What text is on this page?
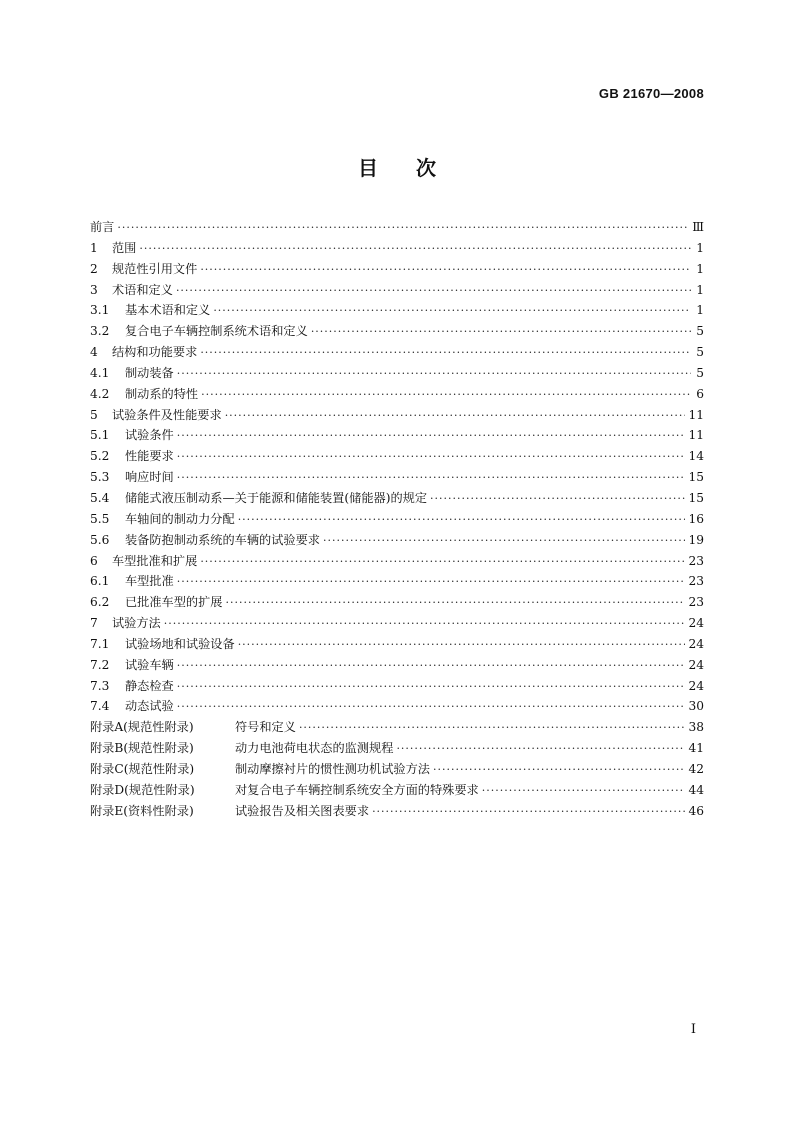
GB 21670—2008
目次
前言 ·····	Ⅲ
1	范围 ·····	1
2	规范性引用文件 ·····	1
3	术语和定义 ·····	1
3.1	基本术语和定义 ·····	1
3.2	复合电子车辆控制系统术语和定义 ·····	5
4	结构和功能要求 ·····	5
4.1	制动装备 ·····	5
4.2	制动系的特性 ·····	6
5	试验条件及性能要求 ·····	11
5.1	试验条件 ·····	11
5.2	性能要求 ·····	14
5.3	响应时间 ·····	15
5.4	储能式液压制动系—关于能源和储能装置(储能器)的规定 ·····	15
5.5	车轴间的制动力分配 ·····	16
5.6	装备防抱制动系统的车辆的试验要求 ·····	19
6	车型批准和扩展 ·····	23
6.1	车型批准 ·····	23
6.2	已批准车型的扩展 ·····	23
7	试验方法 ·····	24
7.1	试验场地和试验设备 ·····	24
7.2	试验车辆 ·····	24
7.3	静态检查 ·····	24
7.4	动态试验 ·····	30
附录A(规范性附录)	符号和定义 ·····	38
附录B(规范性附录)	动力电池荷电状态的监测规程 ·····	41
附录C(规范性附录)	制动摩擦衬片的惯性测功机试验方法 ·····	42
附录D(规范性附录)	对复合电子车辆控制系统安全方面的特殊要求 ·····	44
附录E(资料性附录)	试验报告及相关图表要求 ·····	46
I
